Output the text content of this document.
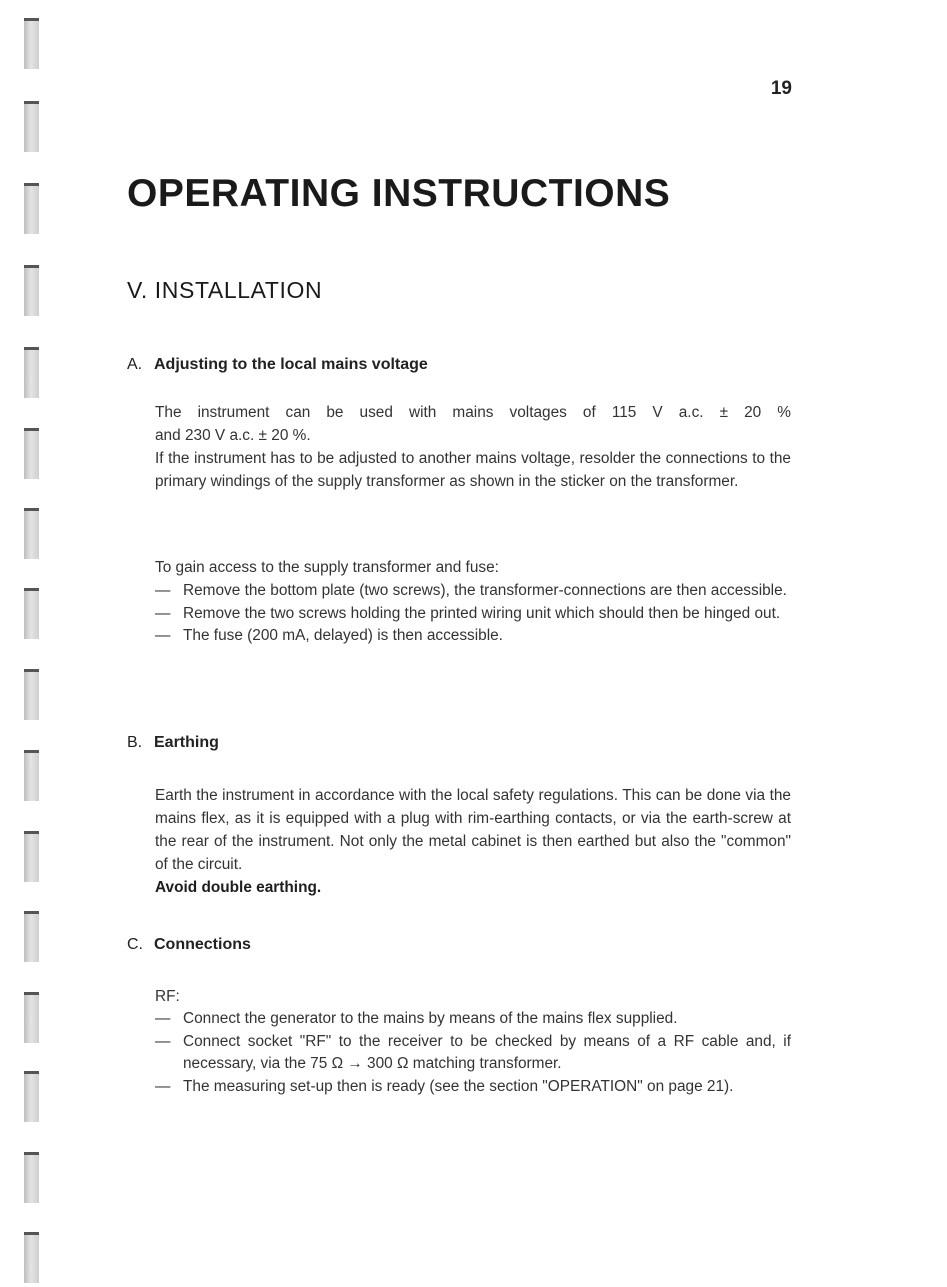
19
OPERATING INSTRUCTIONS
V. INSTALLATION
A. Adjusting to the local mains voltage

The instrument can be used with mains voltages of 115 V a.c. ± 20 %
and 230 V a.c. ± 20 %.
If the instrument has to be adjusted to another mains voltage, resolder the connections to the primary windings of the supply transformer as shown in the sticker on the transformer.

To gain access to the supply transformer and fuse:

— Remove the bottom plate (two screws), the transformer-connections are then accessible.
— Remove the two screws holding the printed wiring unit which should then be hinged out.
— The fuse (200 mA, delayed) is then accessible.
B. Earthing

Earth the instrument in accordance with the local safety regulations. This can be done via the mains flex, as it is equipped with a plug with rim-earthing contacts, or via the earth-screw at the rear of the instrument. Not only the metal cabinet is then earthed but also the "common" of the circuit.
Avoid double earthing.

C. Connections

RF:

— Connect the generator to the mains by means of the mains flex supplied.
— Connect socket "RF" to the receiver to be checked by means of a RF cable and, if necessary, via the 75 Ω → 300 Ω matching transformer.
— The measuring set-up then is ready (see the section "OPERATION" on page 21).
